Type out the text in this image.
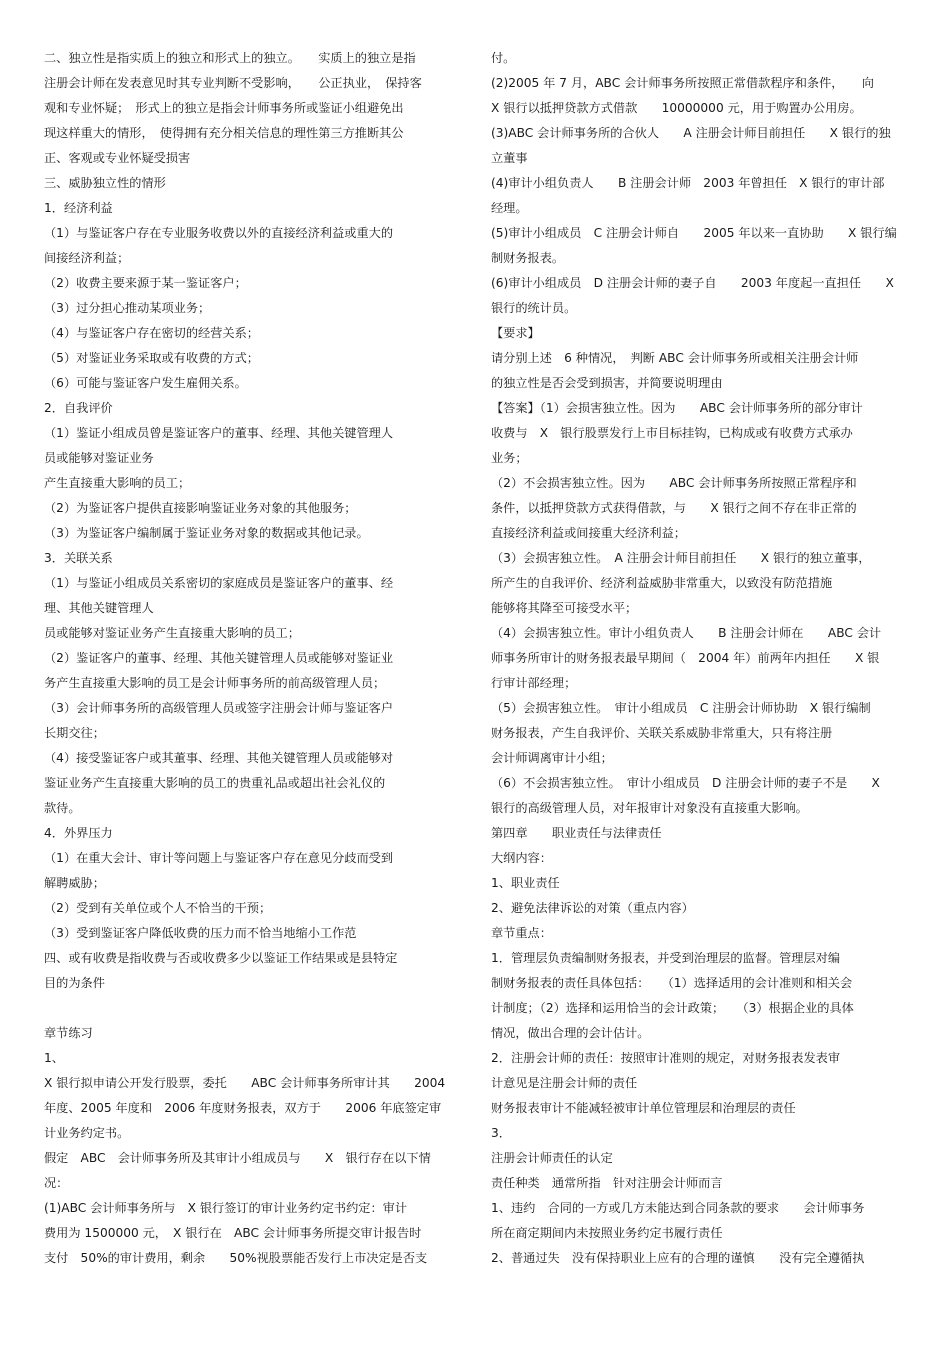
二、独立性是指实质上的独立和形式上的独立。　　实质上的独立是指
注册会计师在发表意见时其专业判断不受影响，　　公正执业，　保持客
观和专业怀疑；　形式上的独立是指会计师事务所或鉴证小组避免出
现这样重大的情形，　使得拥有充分相关信息的理性第三方推断其公
正、客观或专业怀疑受损害
三、威胁独立性的情形
1．经济利益
（1）与鉴证客户存在专业服务收费以外的直接经济利益或重大的
间接经济利益；
（2）收费主要来源于某一鉴证客户；
（3）过分担心推动某项业务；
（4）与鉴证客户存在密切的经营关系；
（5）对鉴证业务采取或有收费的方式；
（6）可能与鉴证客户发生雇佣关系。
2．自我评价
（1）鉴证小组成员曾是鉴证客户的董事、经理、其他关键管理人
员或能够对鉴证业务
产生直接重大影响的员工；
（2）为鉴证客户提供直接影响鉴证业务对象的其他服务；
（3）为鉴证客户编制属于鉴证业务对象的数据或其他记录。
3．关联关系
（1）与鉴证小组成员关系密切的家庭成员是鉴证客户的董事、经
理、其他关键管理人
员或能够对鉴证业务产生直接重大影响的员工；
（2）鉴证客户的董事、经理、其他关键管理人员或能够对鉴证业
务产生直接重大影响的员工是会计师事务所的前高级管理人员；
（3）会计师事务所的高级管理人员或签字注册会计师与鉴证客户
长期交往；
（4）接受鉴证客户或其董事、经理、其他关键管理人员或能够对
鉴证业务产生直接重大影响的员工的贵重礼品或超出社会礼仪的
款待。
4．外界压力
（1）在重大会计、审计等问题上与鉴证客户存在意见分歧而受到
解聘威胁；
（2）受到有关单位或个人不恰当的干预；
（3）受到鉴证客户降低收费的压力而不恰当地缩小工作范
四、或有收费是指收费与否或收费多少以鉴证工作结果或是县特定
目的为条件
章节练习
1、
X 银行拟申请公开发行股票，委托　　ABC 会计师事务所审计其　　2004
年度、2005 年度和　2006 年度财务报表，双方于　　2006 年底签定审
计业务约定书。
假定　ABC　会计师事务所及其审计小组成员与　　X　银行存在以下情
况：
(1)ABC 会计师事务所与　X 银行签订的审计业务约定书约定：审计
费用为 1500000 元，　X 银行在　ABC 会计师事务所提交审计报告时
支付　50%的审计费用，剩余　　50%视股票能否发行上市决定是否支
付。
(2)2005 年 7 月，ABC 会计师事务所按照正常借款程序和条件，　　向
X 银行以抵押贷款方式借款　　10000000 元，用于购置办公用房。
(3)ABC 会计师事务所的合伙人　　A 注册会计师目前担任　　X 银行的独
立董事
(4)审计小组负责人　　B 注册会计师　2003 年曾担任　X 银行的审计部
经理。
(5)审计小组成员　C 注册会计师自　　2005 年以来一直协助　　X 银行编
制财务报表。
(6)审计小组成员　D 注册会计师的妻子自　　2003 年度起一直担任　　X
银行的统计员。
【要求】
请分别上述　6 种情况，　判断 ABC 会计师事务所或相关注册会计师
的独立性是否会受到损害，并简要说明理由
【答案】（1）会损害独立性。因为　　ABC 会计师事务所的部分审计
收费与　X　银行股票发行上市目标挂钩，已构成或有收费方式承办
业务；
（2）不会损害独立性。因为　　ABC 会计师事务所按照正常程序和
条件，以抵押贷款方式获得借款，与　　X 银行之间不存在非正常的
直接经济利益或间接重大经济利益；
（3）会损害独立性。　A 注册会计师目前担任　　X 银行的独立董事，
所产生的自我评价、经济利益威胁非常重大，以致没有防范措施
能够将其降至可接受水平；
（4）会损害独立性。审计小组负责人　　B 注册会计师在　　ABC 会计
师事务所审计的财务报表最早期间（　2004 年）前两年内担任　　X 银
行审计部经理；
（5）会损害独立性。　审计小组成员　C 注册会计师协助　X 银行编制
财务报表，产生自我评价、关联关系威胁非常重大，只有将注册
会计师调离审计小组；
（6）不会损害独立性。　审计小组成员　D 注册会计师的妻子不是　　X
银行的高级管理人员，对年报审计对象没有直接重大影响。
第四章　　职业责任与法律责任
大纲内容：
1、职业责任
2、避免法律诉讼的对策（重点内容）
章节重点：
1．管理层负责编制财务报表，并受到治理层的监督。管理层对编
制财务报表的责任具体包括：　　（1）选择适用的会计准则和相关会
计制度；（2）选择和运用恰当的会计政策；　　（3）根据企业的具体
情况，做出合理的会计估计。
2．注册会计师的责任：按照审计准则的规定，对财务报表发表审
计意见是注册会计师的责任
财务报表审计不能减轻被审计单位管理层和治理层的责任
3．
注册会计师责任的认定
责任种类　通常所指　针对注册会计师而言
1、违约　合同的一方或几方未能达到合同条款的要求　　会计师事务
所在商定期间内未按照业务约定书履行责任
2、普通过失　没有保持职业上应有的合理的谨慎　　没有完全遵循执
